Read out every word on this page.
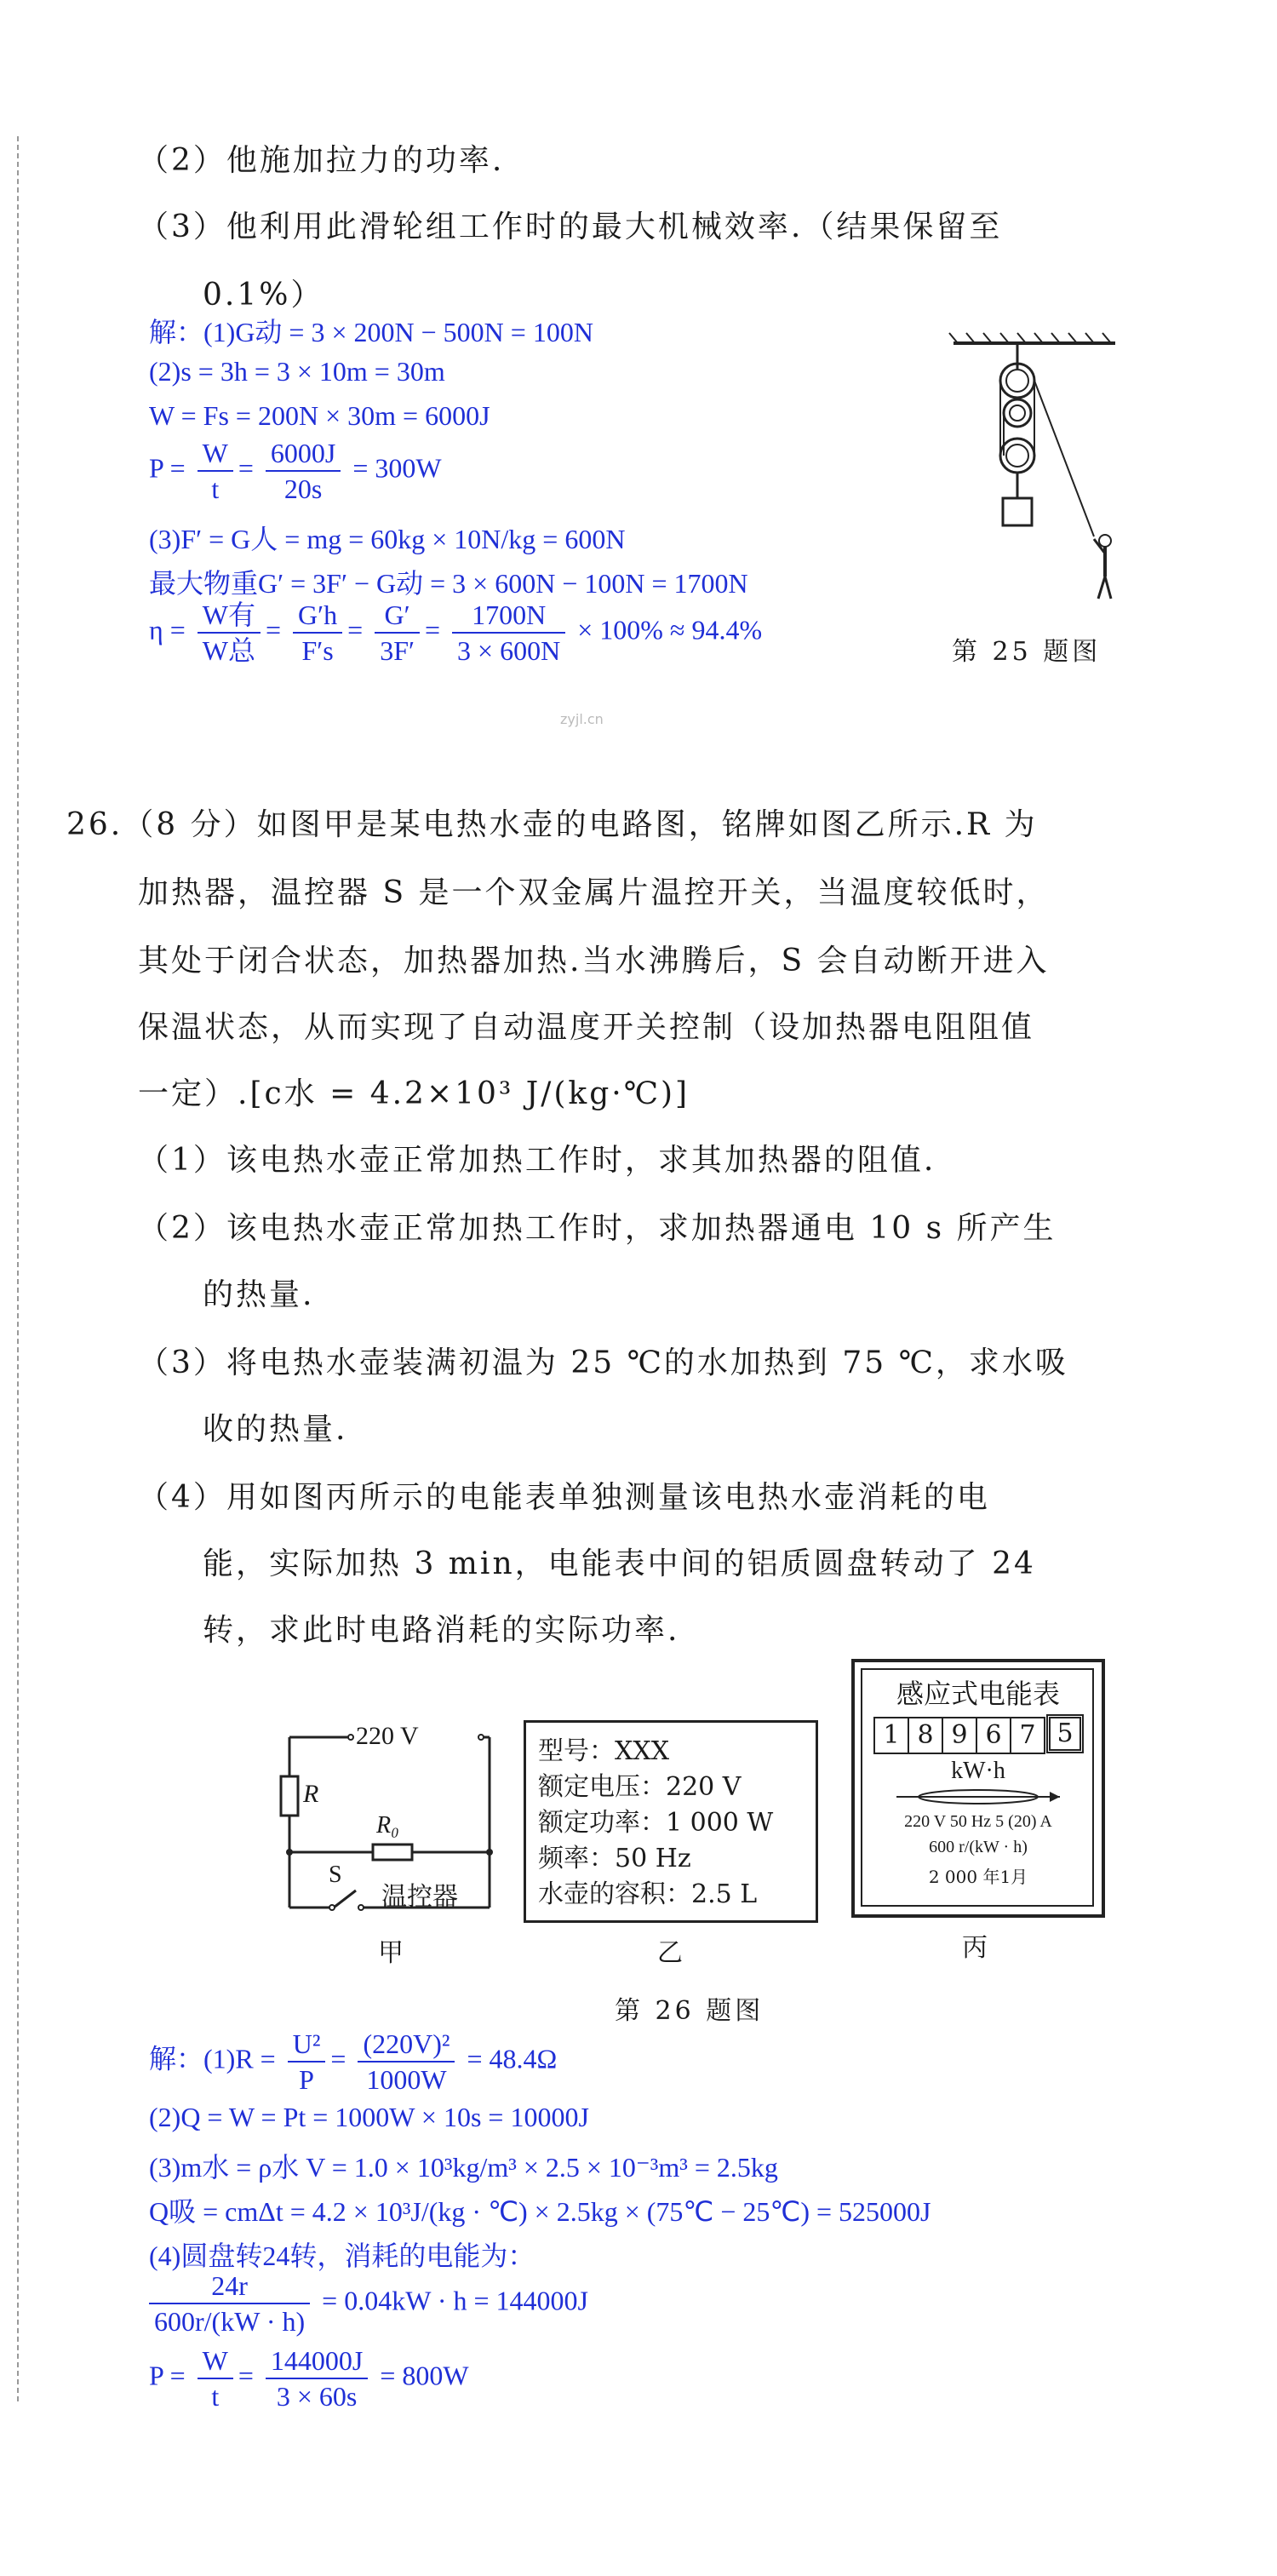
（2）他施加拉力的功率.
（3）他利用此滑轮组工作时的最大机械效率.（结果保留至
0.1%）
解：(1)G动 = 3 × 200N − 500N = 100N
(2)s = 3h = 3 × 10m = 30m
W = Fs = 200N × 30m = 6000J
$P = \frac{W}{t} = \frac{6000J}{20s} = 300W$
(3)F′ = G人 = mg = 60kg × 10N/kg = 600N
最大物重G′ = 3F′ − G动 = 3 × 600N − 100N = 1700N
$\eta = \frac{\text{W有}}{\text{W总}} = \frac{G'h}{F's} = \frac{G'}{3F'} = \frac{1700N}{3 \times 600N} \times 100\% \approx 94.4\%$
第 25 题图
zyjl.cn
26.（8 分）如图甲是某电热水壶的电路图，铭牌如图乙所示.R 为
加热器，温控器 S 是一个双金属片温控开关，当温度较低时，
其处于闭合状态，加热器加热.当水沸腾后，S 会自动断开进入
保温状态，从而实现了自动温度开关控制（设加热器电阻阻值
一定）.[c水 = 4.2×10³ J/(kg·℃)]
（1）该电热水壶正常加热工作时，求其加热器的阻值.
（2）该电热水壶正常加热工作时，求加热器通电 10 s 所产生
的热量.
（3）将电热水壶装满初温为 25 ℃的水加热到 75 ℃，求水吸
收的热量.
（4）用如图丙所示的电能表单独测量该电热水壶消耗的电
能，实际加热 3 min，电能表中间的铝质圆盘转动了 24
转，求此时电路消耗的实际功率.
220 V
R
R₀
S
温控器
甲
型号：XXX
额定电压：220 V
额定功率：1 000 W
频率：50 Hz
水壶的容积：2.5 L
乙
感应式电能表
1 8 9 6 7 5
kW·h
220 V 50 Hz 5 (20) A
600 r/(kW · h)
2 000 年1月
丙
第 26 题图
解：$(1)R = \frac{\text{U²}}{P} = \frac{\text{(220V)²}}{1000W} = 48.4\Omega$
(2)Q = W = Pt = 1000W × 10s = 10000J
(3)m水 = ρ水 V = 1.0 × 10³kg/m³ × 2.5 × 10⁻³m³ = 2.5kg
Q吸 = cmΔt = 4.2 × 10³J/(kg · ℃) × 2.5kg × (75℃ − 25℃) = 525000J
(4)圆盘转24转，消耗的电能为：
$\frac{24r}{600r/(kW \cdot h)} = 0.04kW \cdot h = 144000J$
$P = \frac{W}{t} = \frac{144000J}{3 \times 60s} = 800W$
